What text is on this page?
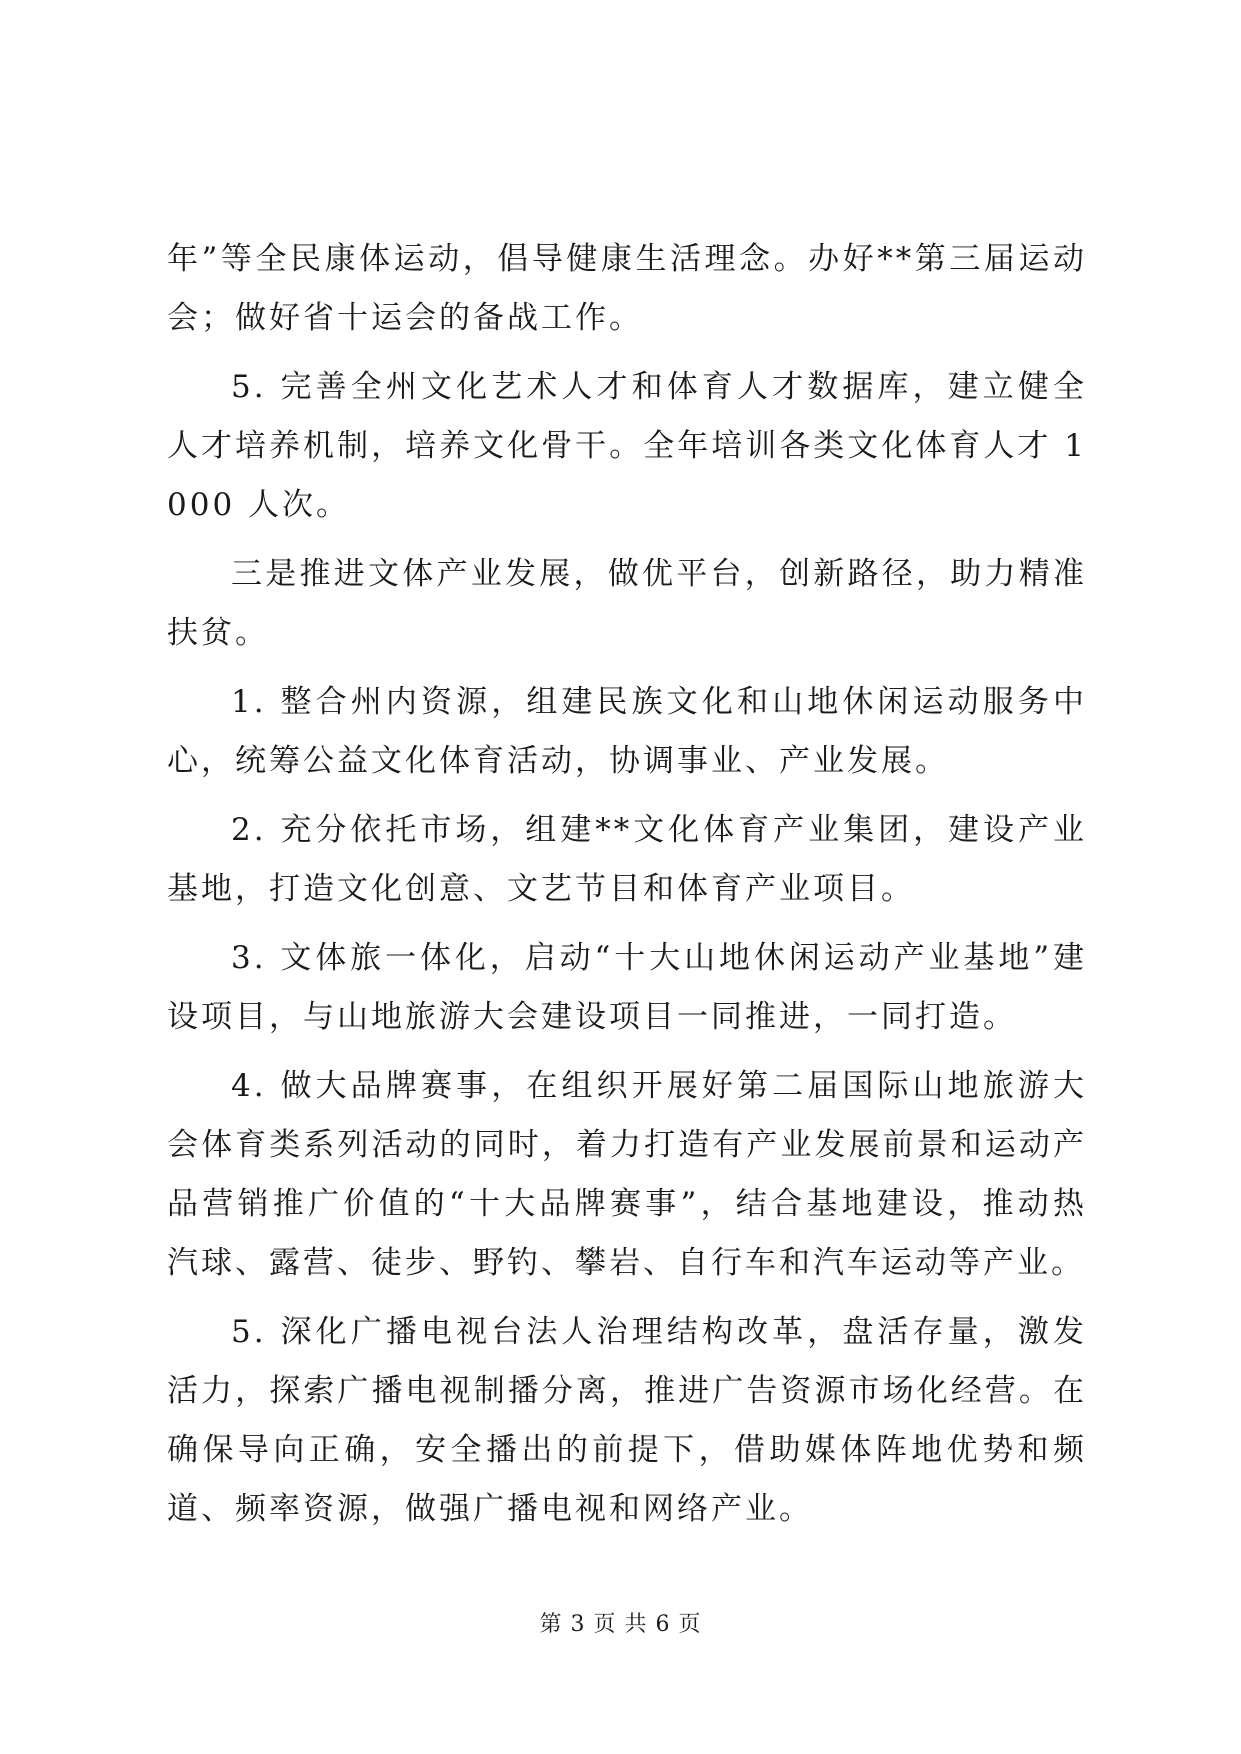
年”等全民康体运动，倡导健康生活理念。办好**第三届运动会；做好省十运会的备战工作。

5. 完善全州文化艺术人才和体育人才数据库，建立健全人才培养机制，培养文化骨干。全年培训各类文化体育人才 1000 人次。

三是推进文体产业发展，做优平台，创新路径，助力精准扶贫。

1. 整合州内资源，组建民族文化和山地休闲运动服务中心，统筹公益文化体育活动，协调事业、产业发展。

2. 充分依托市场，组建**文化体育产业集团，建设产业基地，打造文化创意、文艺节目和体育产业项目。

3. 文体旅一体化，启动“十大山地休闲运动产业基地”建设项目，与山地旅游大会建设项目一同推进，一同打造。

4. 做大品牌赛事，在组织开展好第二届国际山地旅游大会体育类系列活动的同时，着力打造有产业发展前景和运动产品营销推广价值的“十大品牌赛事”，结合基地建设，推动热汽球、露营、徒步、野钓、攀岩、自行车和汽车运动等产业。

5. 深化广播电视台法人治理结构改革，盘活存量，激发活力，探索广播电视制播分离，推进广告资源市场化经营。在确保导向正确，安全播出的前提下，借助媒体阵地优势和频道、频率资源，做强广播电视和网络产业。

第 3 页 共 6 页
